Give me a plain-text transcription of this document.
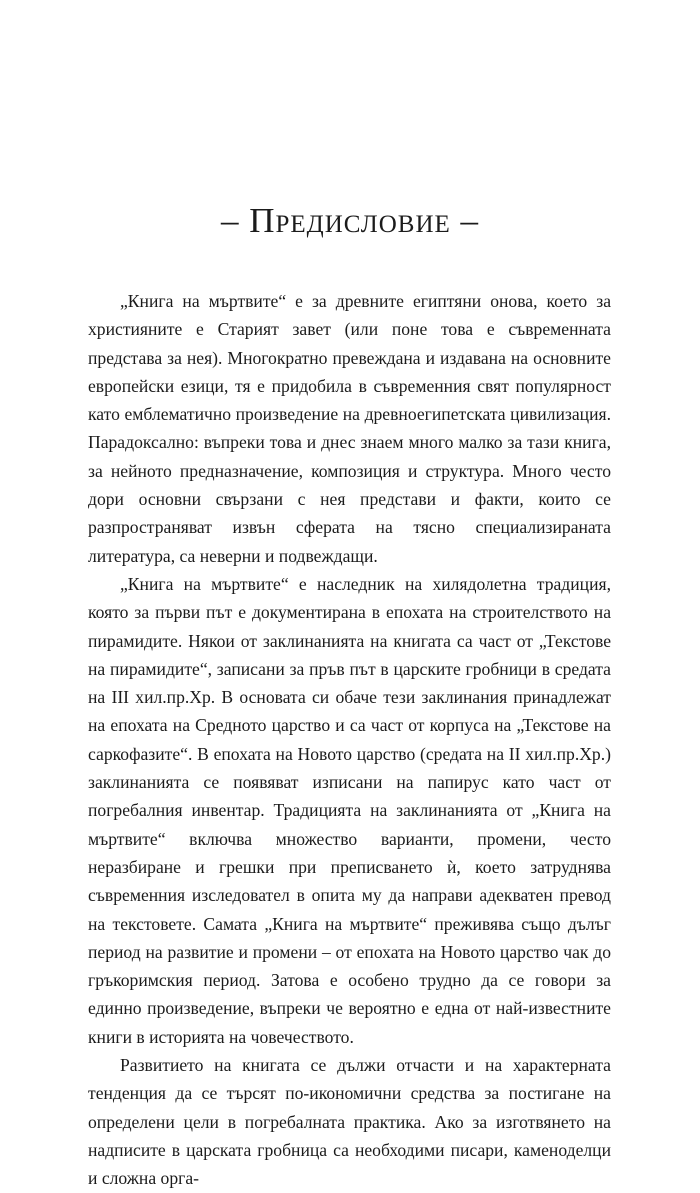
– Предисловие –

„Книга на мъртвите“ е за древните египтяни онова, което за християните е Старият завет (или поне това е съвременната представа за нея). Многократно превеждана и издавана на основните европейски езици, тя е придобила в съвременния свят популярност като емблематично произведение на древноегипетската цивилизация. Парадоксално: въпреки това и днес знаем много малко за тази книга, за нейното предназначение, композиция и структура. Много често дори основни свързани с нея представи и факти, които се разпространяват извън сферата на тясно специализираната литература, са неверни и подвеждащи.

„Книга на мъртвите“ е наследник на хилядолетна традиция, която за първи път е документирана в епохата на строителството на пирамидите. Някои от заклинанията на книгата са част от „Текстове на пирамидите“, записани за пръв път в царските гробници в средата на III хил.пр.Хр. В основата си обаче тези заклинания принадлежат на епохата на Средното царство и са част от корпуса на „Текстове на саркофазите“. В епохата на Новото царство (средата на II хил.пр.Хр.) заклинанията се появяват изписани на папирус като част от погребалния инвентар. Традицията на заклинанията от „Книга на мъртвите“ включва множество варианти, промени, често неразбиране и грешки при преписването ѝ, което затруднява съвременния изследовател в опита му да направи адекватен превод на текстовете. Самата „Книга на мъртвите“ преживява също дълъг период на развитие и промени – от епохата на Новото царство чак до гръкоримския период. Затова е особено трудно да се говори за единно произведение, въпреки че вероятно е една от най-известните книги в историята на човечеството.

Развитието на книгата се дължи отчасти и на характерната тенденция да се търсят по-икономични средства за постигане на определени цели в погребалната практика. Ако за изготвянето на надписите в царската гробница са необходими писари, каменоделци и сложна орга-
